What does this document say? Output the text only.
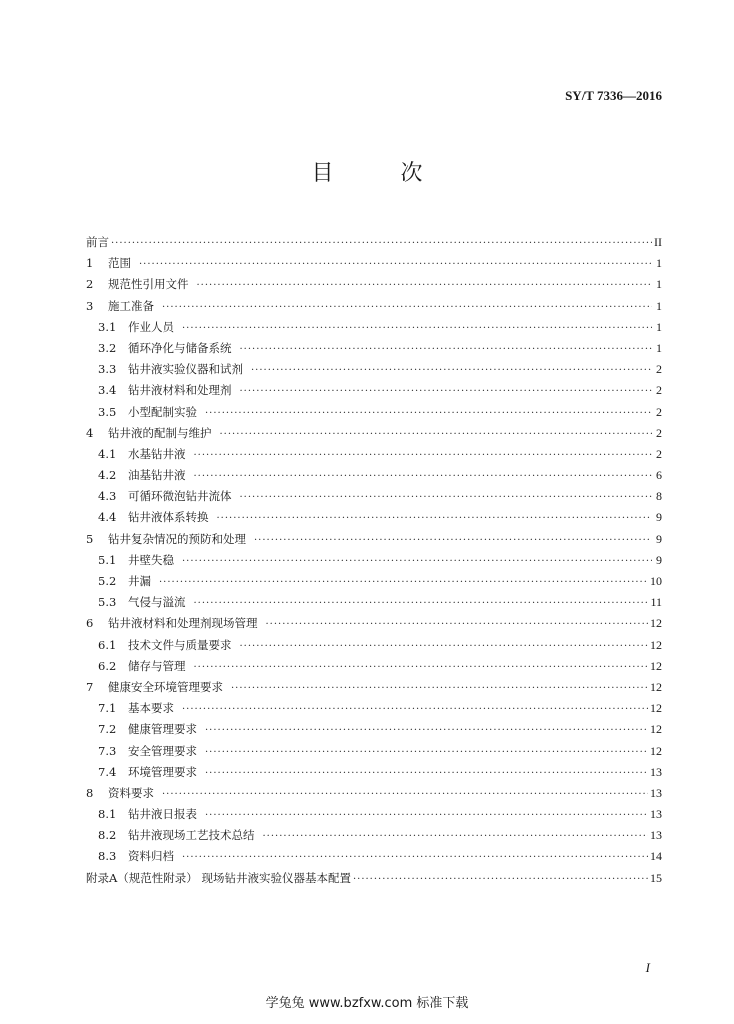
SY/T 7336—2016
目 次
前言 ·····	II
1	范围 ·····	1
2	规范性引用文件 ·····	1
3	施工准备 ·····	1
3.1	作业人员 ·····	1
3.2	循环净化与储备系统 ·····	1
3.3	钻井液实验仪器和试剂 ·····	2
3.4	钻井液材料和处理剂 ·····	2
3.5	小型配制实验 ·····	2
4	钻井液的配制与维护 ·····	2
4.1	水基钻井液 ·····	2
4.2	油基钻井液 ·····	6
4.3	可循环微泡钻井流体 ·····	8
4.4	钻井液体系转换 ·····	9
5	钻井复杂情况的预防和处理 ·····	9
5.1	井壁失稳 ·····	9
5.2	井漏 ·····	10
5.3	气侵与溢流 ·····	11
6	钻井液材料和处理剂现场管理 ·····	12
6.1	技术文件与质量要求 ·····	12
6.2	储存与管理 ·····	12
7	健康安全环境管理要求 ·····	12
7.1	基本要求 ·····	12
7.2	健康管理要求 ·····	12
7.3	安全管理要求 ·····	12
7.4	环境管理要求 ·····	13
8	资料要求 ·····	13
8.1	钻井液日报表 ·····	13
8.2	钻井液现场工艺技术总结 ·····	13
8.3	资料归档 ·····	14
附录A（规范性附录） 现场钻井液实验仪器基本配置 ·····	15
I
学兔兔 www.bzfxw.com 标准下载
